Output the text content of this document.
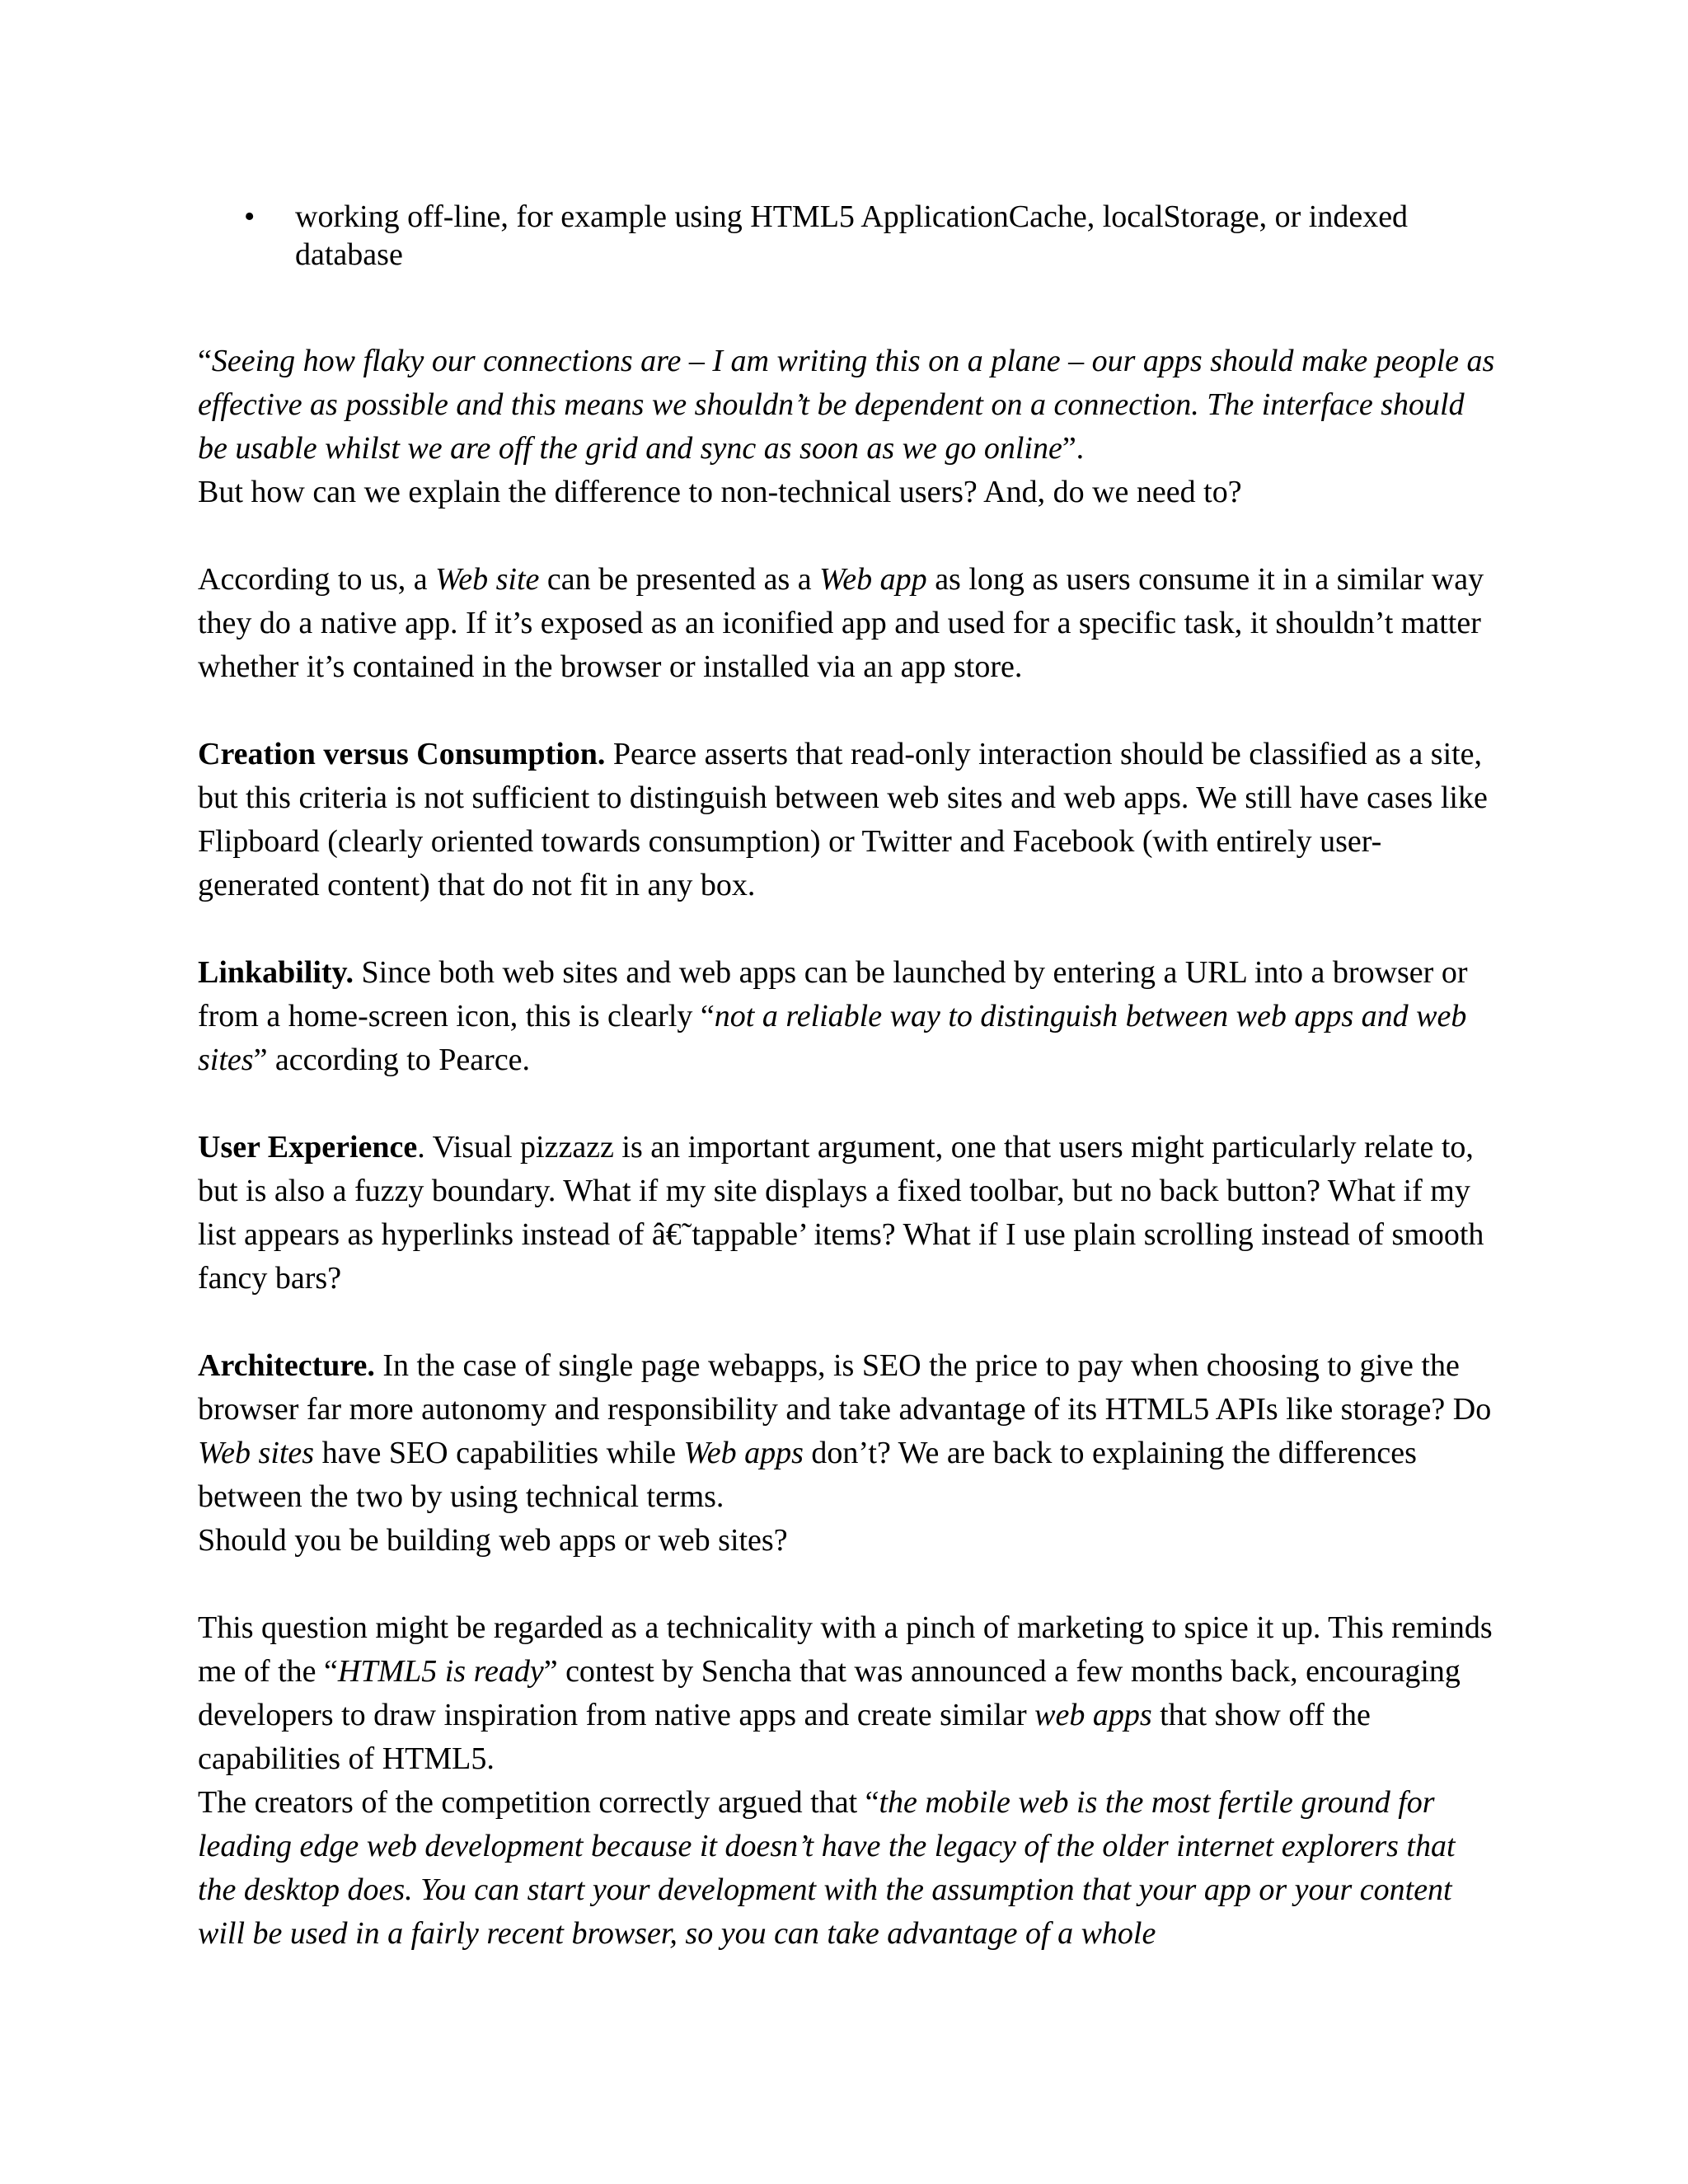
• working off-line, for example using HTML5 ApplicationCache, localStorage, or indexed database

“Seeing how flaky our connections are – I am writing this on a plane – our apps should make people as effective as possible and this means we shouldn’t be dependent on a connection. The interface should be usable whilst we are off the grid and sync as soon as we go online”.

But how can we explain the difference to non-technical users? And, do we need to?

According to us, a Web site can be presented as a Web app as long as users consume it in a similar way they do a native app. If it’s exposed as an iconified app and used for a specific task, it shouldn’t matter whether it’s contained in the browser or installed via an app store.

Creation versus Consumption. Pearce asserts that read-only interaction should be classified as a site, but this criteria is not sufficient to distinguish between web sites and web apps. We still have cases like Flipboard (clearly oriented towards consumption) or Twitter and Facebook (with entirely user-generated content) that do not fit in any box.

Linkability. Since both web sites and web apps can be launched by entering a URL into a browser or from a home-screen icon, this is clearly “not a reliable way to distinguish between web apps and web sites” according to Pearce.

User Experience. Visual pizzazz is an important argument, one that users might particularly relate to, but is also a fuzzy boundary. What if my site displays a fixed toolbar, but no back button? What if my list appears as hyperlinks instead of â€˜tappable’ items? What if I use plain scrolling instead of smooth fancy bars?

Architecture. In the case of single page webapps, is SEO the price to pay when choosing to give the browser far more autonomy and responsibility and take advantage of its HTML5 APIs like storage? Do Web sites have SEO capabilities while Web apps don’t? We are back to explaining the differences between the two by using technical terms.

Should you be building web apps or web sites?

This question might be regarded as a technicality with a pinch of marketing to spice it up. This reminds me of the “HTML5 is ready” contest by Sencha that was announced a few months back, encouraging developers to draw inspiration from native apps and create similar web apps that show off the capabilities of HTML5.

The creators of the competition correctly argued that “the mobile web is the most fertile ground for leading edge web development because it doesn’t have the legacy of the older internet explorers that the desktop does. You can start your development with the assumption that your app or your content will be used in a fairly recent browser, so you can take advantage of a whole
